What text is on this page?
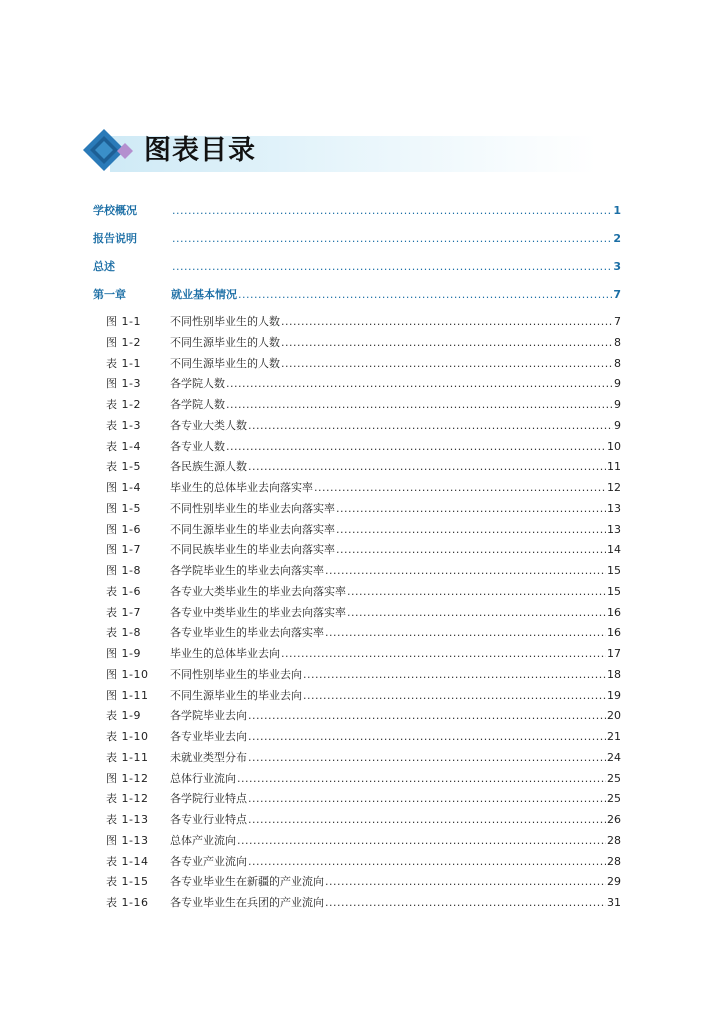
图表目录
学校概况 .....	1
报告说明 .....	2
总述 .....	3
第一章	就业基本情况 .....	7
图 1-1	不同性别毕业生的人数 .....	7
图 1-2	不同生源毕业生的人数 .....	8
表 1-1	不同生源毕业生的人数 .....	8
图 1-3	各学院人数 .....	9
表 1-2	各学院人数 .....	9
表 1-3	各专业大类人数 .....	9
表 1-4	各专业人数 .....	10
表 1-5	各民族生源人数 .....	11
图 1-4	毕业生的总体毕业去向落实率 .....	12
图 1-5	不同性别毕业生的毕业去向落实率 .....	13
图 1-6	不同生源毕业生的毕业去向落实率 .....	13
图 1-7	不同民族毕业生的毕业去向落实率 .....	14
图 1-8	各学院毕业生的毕业去向落实率 .....	15
表 1-6	各专业大类毕业生的毕业去向落实率 .....	15
表 1-7	各专业中类毕业生的毕业去向落实率 .....	16
表 1-8	各专业毕业生的毕业去向落实率 .....	16
图 1-9	毕业生的总体毕业去向 .....	17
图 1-10	不同性别毕业生的毕业去向 .....	18
图 1-11	不同生源毕业生的毕业去向 .....	19
表 1-9	各学院毕业去向 .....	20
表 1-10	各专业毕业去向 .....	21
表 1-11	未就业类型分布 .....	24
图 1-12	总体行业流向 .....	25
表 1-12	各学院行业特点 .....	25
表 1-13	各专业行业特点 .....	26
图 1-13	总体产业流向 .....	28
表 1-14	各专业产业流向 .....	28
表 1-15	各专业毕业生在新疆的产业流向 .....	29
表 1-16	各专业毕业生在兵团的产业流向 .....	31
